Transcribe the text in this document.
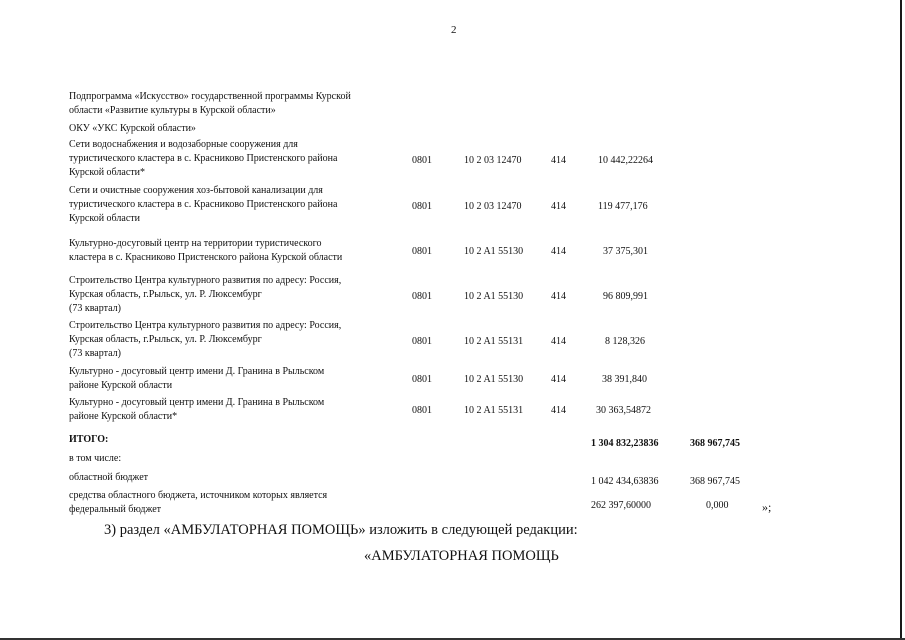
2
Подпрограмма «Искусство» государственной программы Курской
области «Развитие культуры в Курской области»
ОКУ «УКС Курской области»
Сети водоснабжения и водозаборные сооружения для
туристического кластера в с. Красниково Пристенского района
Курской области*
0801	10 2 03 12470	414	10 442,22264
Сети и очистные сооружения хоз-бытовой канализации для
туристического кластера в с. Красниково Пристенского района
Курской области
0801	10 2 03 12470	414	119 477,176
Культурно-досуговый центр на территории туристического
кластера в с. Красниково Пристенского района Курской области
0801	10 2 A1 55130	414	37 375,301
Строительство Центра культурного развития по адресу: Россия,
Курская область, г.Рыльск, ул. Р. Люксембург
(73 квартал)
0801	10 2 A1 55130	414	96 809,991
Строительство Центра культурного развития по адресу: Россия,
Курская область, г.Рыльск, ул. Р. Люксембург
(73 квартал)
0801	10 2 A1 55131	414	8 128,326
Культурно - досуговый центр имени Д. Гранина в Рыльском
районе Курской области
0801	10 2 A1 55130	414	38 391,840
Культурно - досуговый центр имени Д. Гранина в Рыльском
районе Курской области*
0801	10 2 A1 55131	414	30 363,54872
ИТОГО:	1 304 832,23836	368 967,745
в том числе:
областной бюджет	1 042 434,63836	368 967,745
средства областного бюджета, источником которых является
федеральный бюджет	262 397,60000	0,000	»;
3) раздел «АМБУЛАТОРНАЯ ПОМОЩЬ» изложить в следующей редакции:
«АМБУЛАТОРНАЯ ПОМОЩЬ
